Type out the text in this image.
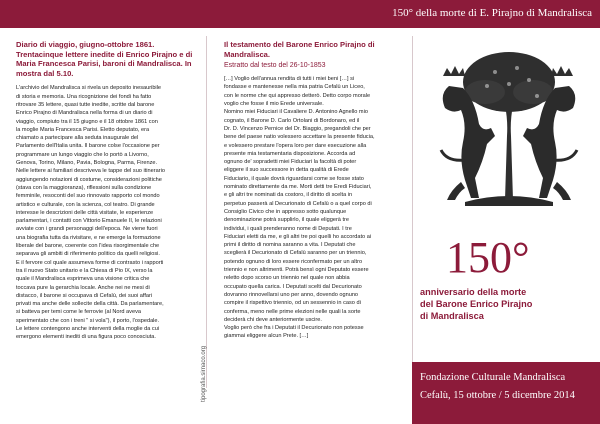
150° della morte di E. Pirajno di Mandralisca

Diario di viaggio, giugno-ottobre 1861.
Trentacinque lettere inedite di Enrico Pirajno e di
Maria Francesca Parisi, baroni di Mandralisca. In
mostra dal 5.10.

L'archivio del Mandralisca si rivela un deposito inesauribile
di storia e memoria. Una ricognizione dei fondi ha fatto
ritrovare 35 lettere, quasi tutte inedite, scritte dal barone
Enrico Pirajno di Mandralisca nella forma di un diario di
viaggio, compiuto tra il 15 giugno e il 18 ottobre 1861 con
la moglie Maria Francesca Parisi. Eletto deputato, era
chiamato a partecipare alla seduta inaugurale del
Parlamento dell'Italia unita. Il barone colse l'occasione per
programmare un lungo viaggio che lo portò a Livorno,
Genova, Torino, Milano, Pavia, Bologna, Parma, Firenze.
Nelle lettere ai familiari descriveva le tappe del suo itinerario
aggiungendo notazioni di costume, considerazioni politiche
(stava con la maggioranza), riflessioni sulla condizione
femminile, resoconti del suo rinnovato rapporto col mondo
artistico e culturale, con la scienza, col teatro. Di grande
interesse le descrizioni delle città visitate, le esperienze
parlamentari, i contatti con Vittorio Emanuele II, le relazioni
avviate con i grandi personaggi dell'epoca. Ne viene fuori
una biografia tutta da rivisitare, e ne emerge la formazione
liberale del barone, coerente con l'idea risorgimentale che
separava gli ambiti di riferimento politico da quelli religiosi.
E il fervore col quale assumeva forme di contrasto i rapporti
tra il nuovo Stato unitario e la Chiesa di Pio IX, verso la
quale il Mandralisca esprimeva una visione critica che
toccava pure la gerarchia locale. Anche nei ne mesi di
distacco, il barone si occupava di Cefalù, dei suoi affari
privati ma anche delle sollecite della città. Da parlamentare,
si batteva per temi come le ferrovie (al Nord aveva
sperimentato che con i treni " si vola"), il porto, l'ospedale.
Le lettere contengono anche interventi della moglie da cui
emergono elementi inediti di una figura poco conosciuta.

tipografia.sirnaco.org

Il testamento del Barone Enrico Pirajno di
Mandralisca.

Estratto dal testo del 26-10-1853

[…] Voglio dell'annua rendita di tutti i miei beni […] si
fondasse e mantenesse nella mia patria Cefalù un Liceo,
con le norme che qui appresso detterò. Detto corpo morale
voglio che fosse il mio Erede universale.
Nomino miei Fiduciari il Cavaliere D. Antonino Agnello mio
cognato, il Barone D. Carlo Ortolani di Bordonaro, ed il
Dr. D. Vincenzo Pernice del Dr. Biaggio, pregandoli che per
bene del paese natio volessero accettare la presente fiducia,
e volessero prestare l'opera loro per dare esecuzione alla
presente mia testamentaria disposizione. Accorda ad
ognuno de' sopradetti miei Fiduciari la facoltà di poter
eliggere il suo successore in detta qualità di Erede
Fiduciario, il quale dovrà riguardarsi come se fosse stato
nominato direttamente da me. Morti detti tre Eredi Fiduciari,
e gli altri tre nominati da costoro, il diritto di scelta in
perpetuo passerà al Decurionato di Cefalù o a quel corpo di
Consiglio Civico che in appresso sotto qualunque
denominazione potrà supplirlo, il quale eliggerà tre
individui, i quali prenderanno nome di Deputati. I tre
Fiduciari eletti da me, e gli altri tre poi quelli ho accordato ai
primi il diritto di nomina saranno a vita. I Deputati che
sceglierà il Decurionato di Cefalù saranno per un triennio,
potendo ognuno di loro essere riconfermato per un altro
triennio e non altrimenti. Potrà bensì ogni Deputato essere
reletto dopo scorso un triennio nel quale non abbia
occupato quella carica. I Deputati scelti dal Decurionato
dovranno rinnovellarsi uno per anno, dovendo ognuno
compire il rispettivo triennio, od un sessennio in caso di
conferma, meno nelle prime elezioni nelle quali la sorte
deciderà chi deve anteriormente uscire.
Voglio però che fra i Deputati il Decurionato non potesse
giammai eliggere alcun Prete. […]

150°
anniversario della morte
del Barone Enrico Pirajno
di Mandralisca
Fondazione Culturale Mandralisca
Cefalù, 15 ottobre / 5 dicembre 2014
